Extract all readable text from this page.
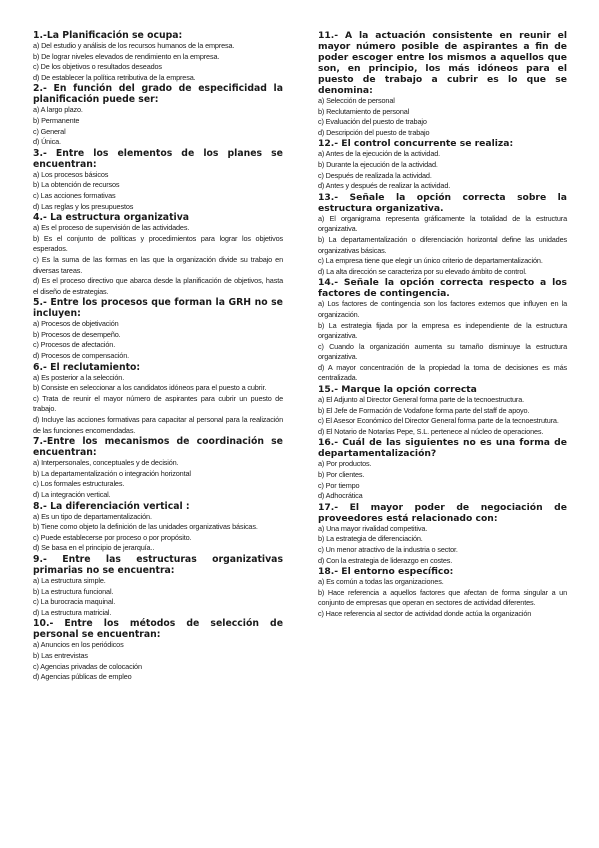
1.-La Planificación se ocupa:

a) Del estudio y análisis de los recursos humanos de la empresa.

b) De lograr niveles elevados de rendimiento en la empresa.

c) De los objetivos o resultados deseados

d) De establecer la política retributiva de la empresa.

2.- En función del grado de especificidad la planificación puede ser:

a) A largo plazo.

b) Permanente

c) General

d) Única.

3.- Entre los elementos de los planes se encuentran:

a) Los procesos básicos

b) La obtención de recursos

c) Las acciones formativas

d) Las reglas y los presupuestos

4.- La estructura organizativa

a) Es el proceso de supervisión de las actividades.

b) Es el conjunto de políticas y procedimientos para lograr los objetivos esperados.

c) Es la suma de las formas en las que la organización divide su trabajo en diversas tareas.

d) Es el proceso directivo que abarca desde la planificación de objetivos, hasta el diseño de estrategias.

5.- Entre los procesos que forman la GRH no se incluyen:

a) Procesos de objetivación

b) Procesos de desempeño.

c) Procesos de afectación.

d) Procesos de compensación.

6.- El reclutamiento:

a) Es posterior a la selección.

b) Consiste en seleccionar a los candidatos idóneos para el puesto a cubrir.

c) Trata de reunir el mayor número de aspirantes para cubrir un puesto de trabajo.

d) Incluye las acciones formativas para capacitar al personal para la realización de las funciones encomendadas.

7.-Entre los mecanismos de coordinación se encuentran:

a) Interpersonales, conceptuales y de decisión.

b) La departamentalización o integración horizontal

c) Los formales estructurales.

d) La integración vertical.

8.- La diferenciación vertical :

a) Es un tipo de departamentalización.

b) Tiene como objeto la definición de las unidades organizativas básicas.

c) Puede establecerse por proceso o por propósito.

d) Se basa en el principio de jerarquía..

9.- Entre las estructuras organizativas primarias no se encuentra:

a) La estructura simple.

b) La estructura funcional.

c) La burocracia maquinal.

d) La estructura matricial.

10.- Entre los métodos de selección de personal se encuentran:

a) Anuncios en los periódicos

b) Las entrevistas

c) Agencias privadas de colocación

d) Agencias públicas de empleo

11.- A la actuación consistente en reunir el mayor número posible de aspirantes a fin de poder escoger entre los mismos a aquellos que son, en principio, los más idóneos para el puesto de trabajo a cubrir es lo que se denomina:

a) Selección de personal

b) Reclutamiento de personal

c) Evaluación del puesto de trabajo

d) Descripción del puesto de trabajo

12.- El control concurrente se realiza:

a) Antes de la ejecución de la actividad.

b) Durante la ejecución de la actividad.

c) Después de realizada la actividad.

d) Antes y después de realizar la actividad.

13.- Señale la opción correcta sobre la estructura organizativa.

a) El organigrama representa gráficamente la totalidad de la estructura organizativa.

b) La departamentalización o diferenciación horizontal define las unidades organizativas básicas.

c) La empresa tiene que elegir un único criterio de departamentalización.

d) La alta dirección se caracteriza por su elevado ámbito de control.

14.- Señale la opción correcta respecto a los factores de contingencia.

a) Los factores de contingencia son los factores externos que influyen en la organización.

b) La estrategia fijada por la empresa es independiente de la estructura organizativa.

c) Cuando la organización aumenta su tamaño disminuye la estructura organizativa.

d) A mayor concentración de la propiedad la toma de decisiones es más centralizada.

15.- Marque la opción correcta

a) El Adjunto al Director General forma parte de la tecnoestructura.

b) El Jefe de Formación de Vodafone forma parte del staff de apoyo.

c) El Asesor Económico del Director General forma parte de la tecnoestrutura.

d) El Notario de Notarías Pepe, S.L. pertenece al núcleo de operaciones.

16.- Cuál de las siguientes no es una forma de departamentalización?

a) Por productos.

b) Por clientes.

c) Por tiempo

d) Adhocrática

17.- El mayor poder de negociación de proveedores está relacionado con:

a) Una mayor rivalidad competitiva.

b) La estrategia de diferenciación.

c) Un menor atractivo de la industria o sector.

d) Con la estrategia de liderazgo en costes.

18.- El entorno específico:

a) Es común a todas las organizaciones.

b) Hace referencia a aquellos factores que afectan de forma singular a un conjunto de empresas que operan en sectores de actividad diferentes.

c) Hace referencia al sector de actividad donde actúa la organización
